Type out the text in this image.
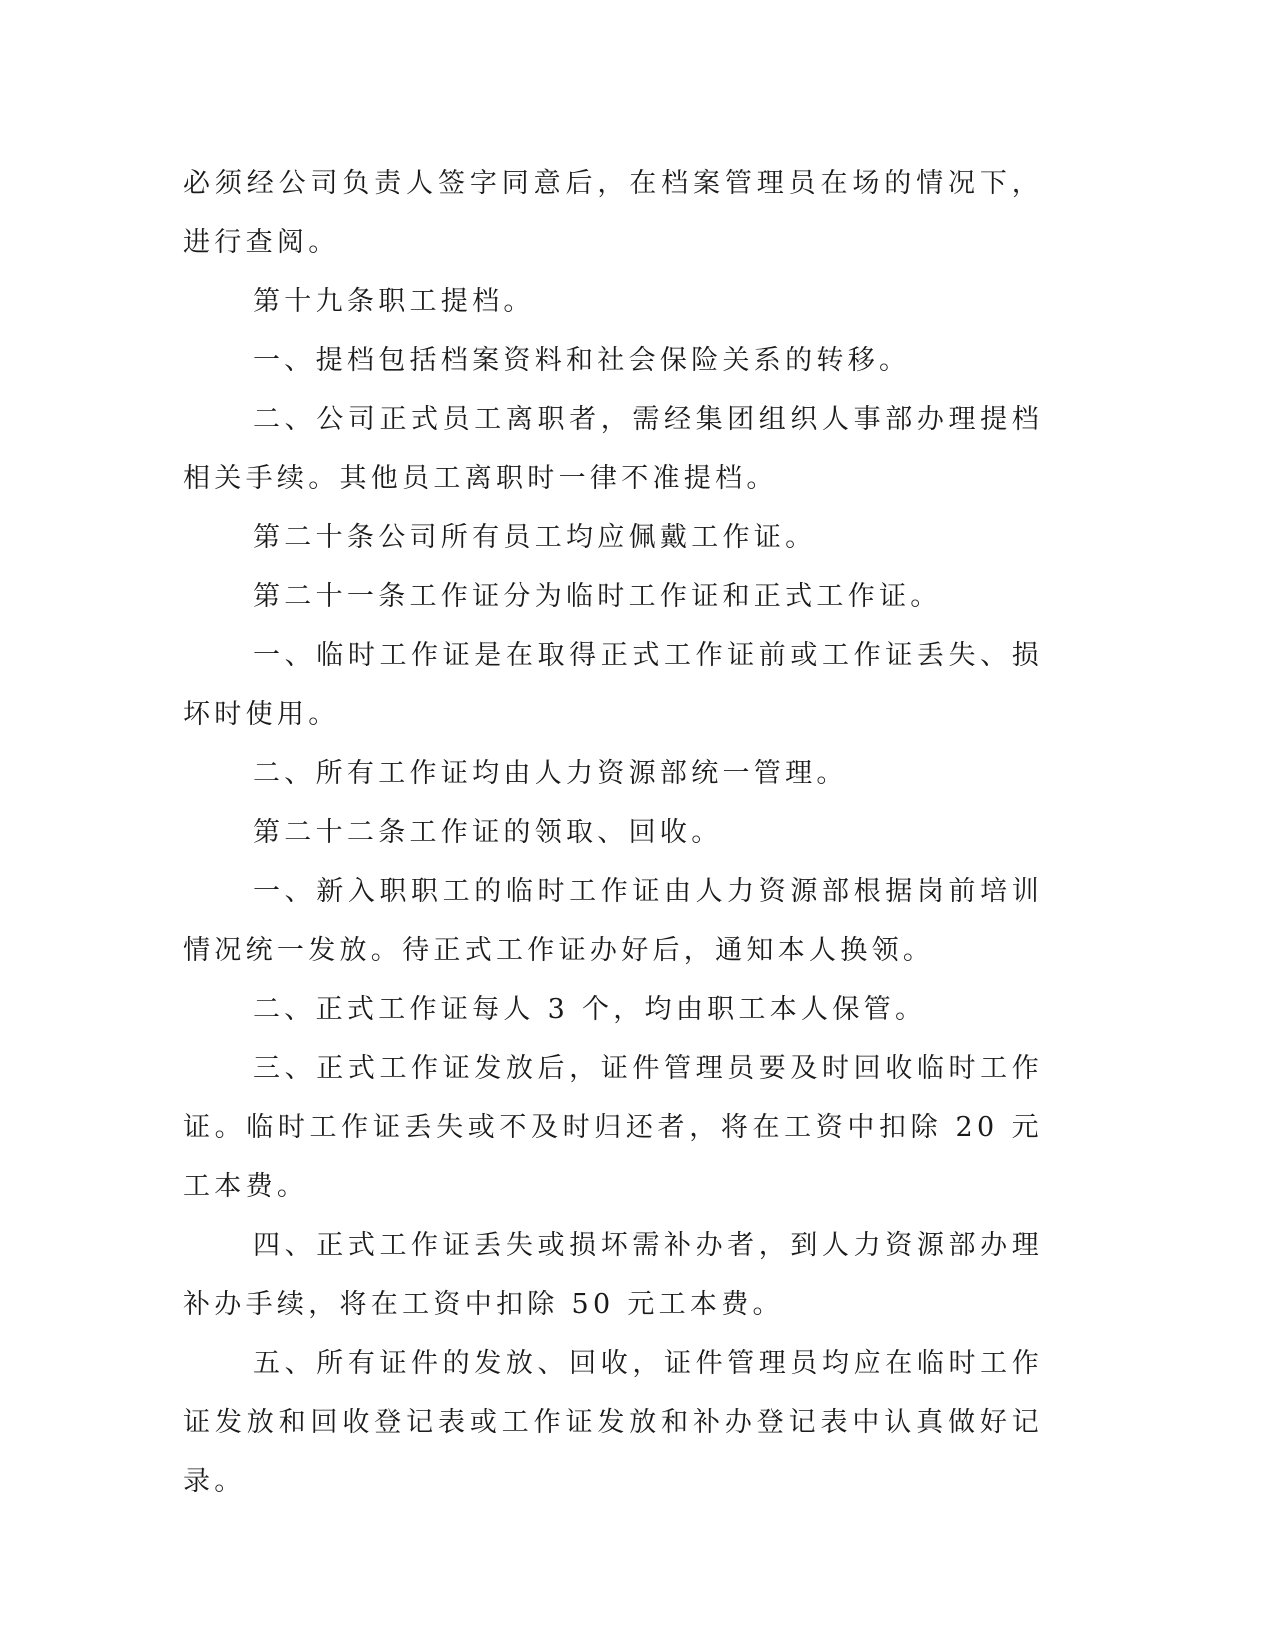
必须经公司负责人签字同意后，在档案管理员在场的情况下，进行查阅。

第十九条职工提档。

一、提档包括档案资料和社会保险关系的转移。

二、公司正式员工离职者，需经集团组织人事部办理提档相关手续。其他员工离职时一律不准提档。

第二十条公司所有员工均应佩戴工作证。

第二十一条工作证分为临时工作证和正式工作证。

一、临时工作证是在取得正式工作证前或工作证丢失、损坏时使用。

二、所有工作证均由人力资源部统一管理。

第二十二条工作证的领取、回收。

一、新入职职工的临时工作证由人力资源部根据岗前培训情况统一发放。待正式工作证办好后，通知本人换领。

二、正式工作证每人 3 个，均由职工本人保管。

三、正式工作证发放后，证件管理员要及时回收临时工作证。临时工作证丢失或不及时归还者，将在工资中扣除 20 元工本费。

四、正式工作证丢失或损坏需补办者，到人力资源部办理补办手续，将在工资中扣除 50 元工本费。

五、所有证件的发放、回收，证件管理员均应在临时工作证发放和回收登记表或工作证发放和补办登记表中认真做好记录。
